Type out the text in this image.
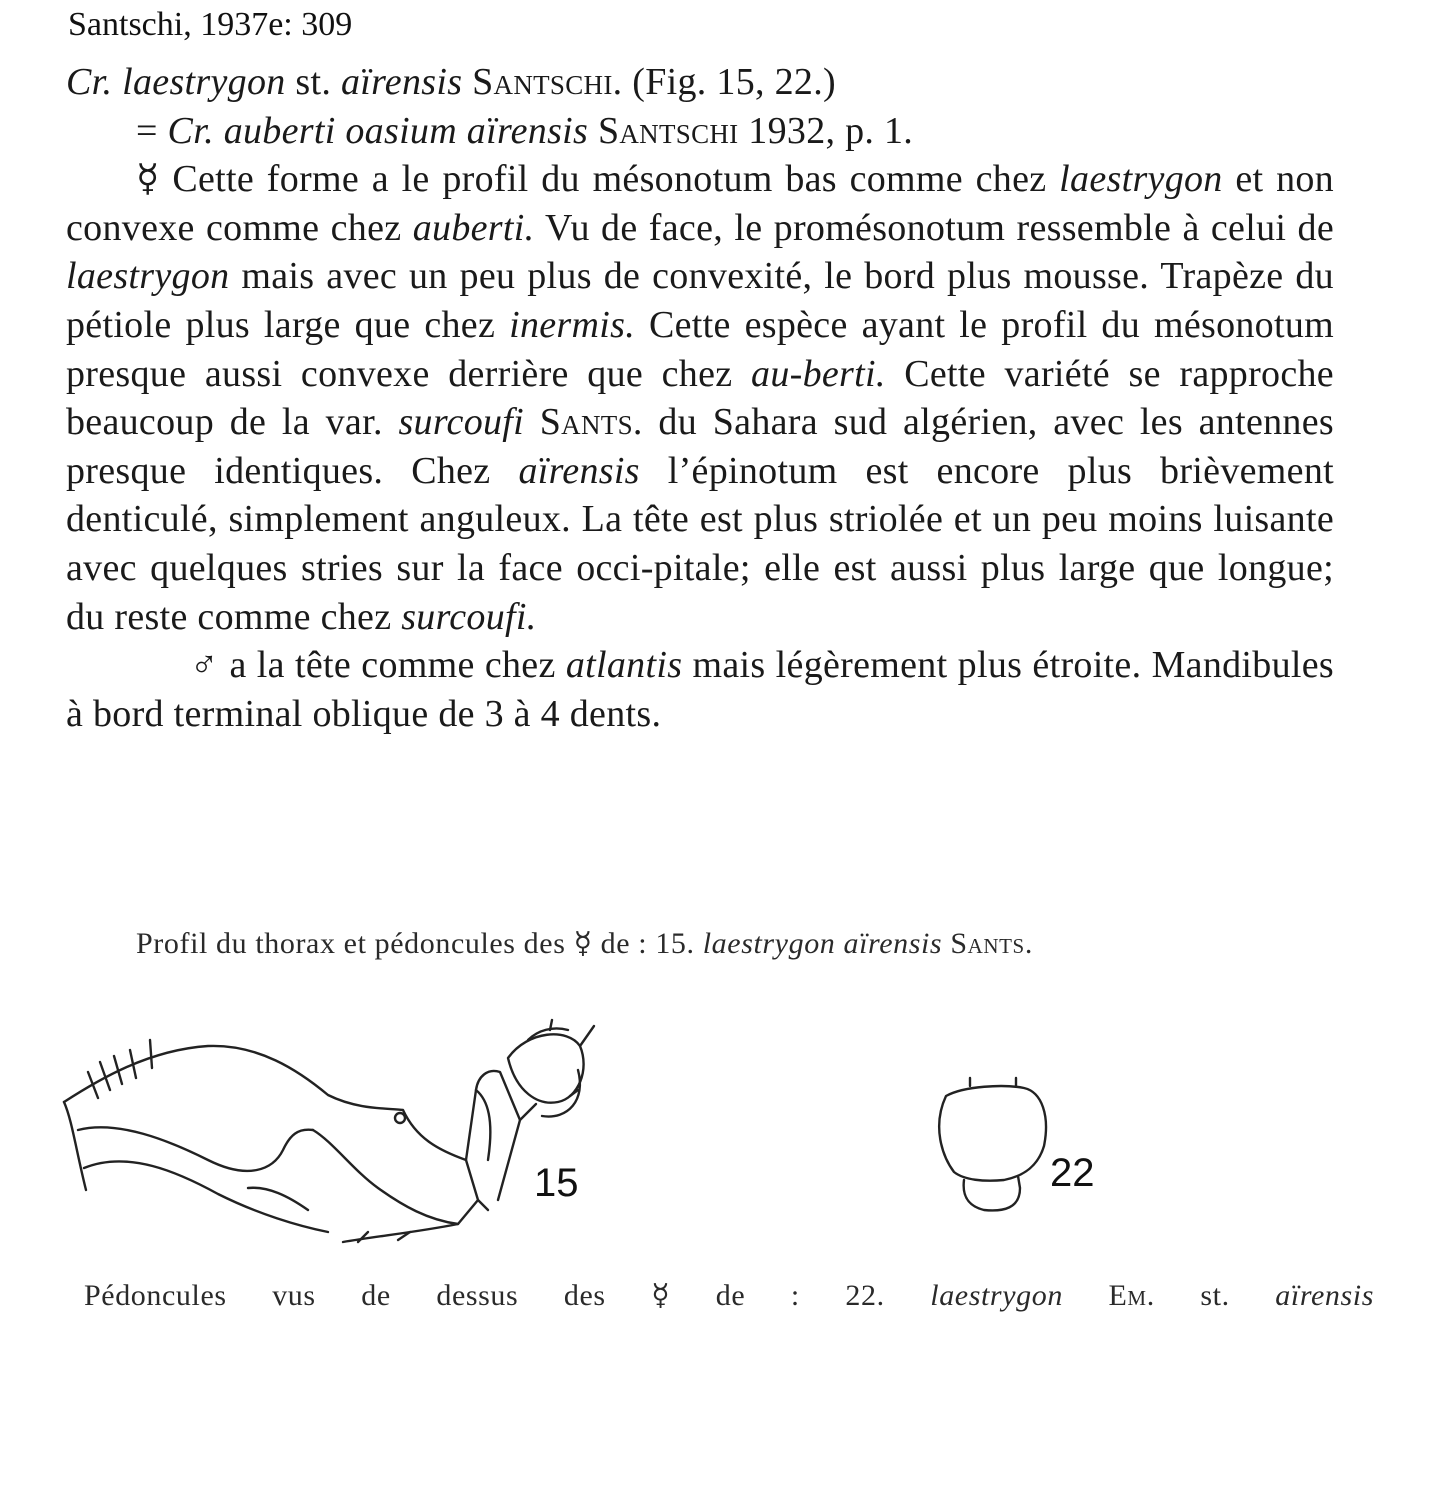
Santschi, 1937e: 309

Cr. laestrygon st. aïrensis Santschi. (Fig. 15, 22.)

= Cr. auberti oasium aïrensis Santschi 1932, p. 1.

☿ Cette forme a le profil du mésonotum bas comme chez laestrygon et non convexe comme chez auberti. Vu de face, le promésonotum ressemble à celui de laestrygon mais avec un peu plus de convexité, le bord plus mousse. Trapèze du pétiole plus large que chez inermis. Cette espèce ayant le profil du mésonotum presque aussi convexe derrière que chez au-berti. Cette variété se rapproche beaucoup de la var. surcoufi Sants. du Sahara sud algérien, avec les antennes presque identiques. Chez aïrensis l’épinotum est encore plus brièvement denticulé, simplement anguleux. La tête est plus striolée et un peu moins luisante avec quelques stries sur la face occi-pitale; elle est aussi plus large que longue; du reste comme chez surcoufi.

♂ a la tête comme chez atlantis mais légèrement plus étroite. Mandibules à bord terminal oblique de 3 à 4 dents.

Profil du thorax et pédoncules des ☿ de : 15. laestrygon aïrensis Sants.
15	22
Pédoncules vus de dessus des ☿ de : 22. laestrygon Em. st. aïrensis
